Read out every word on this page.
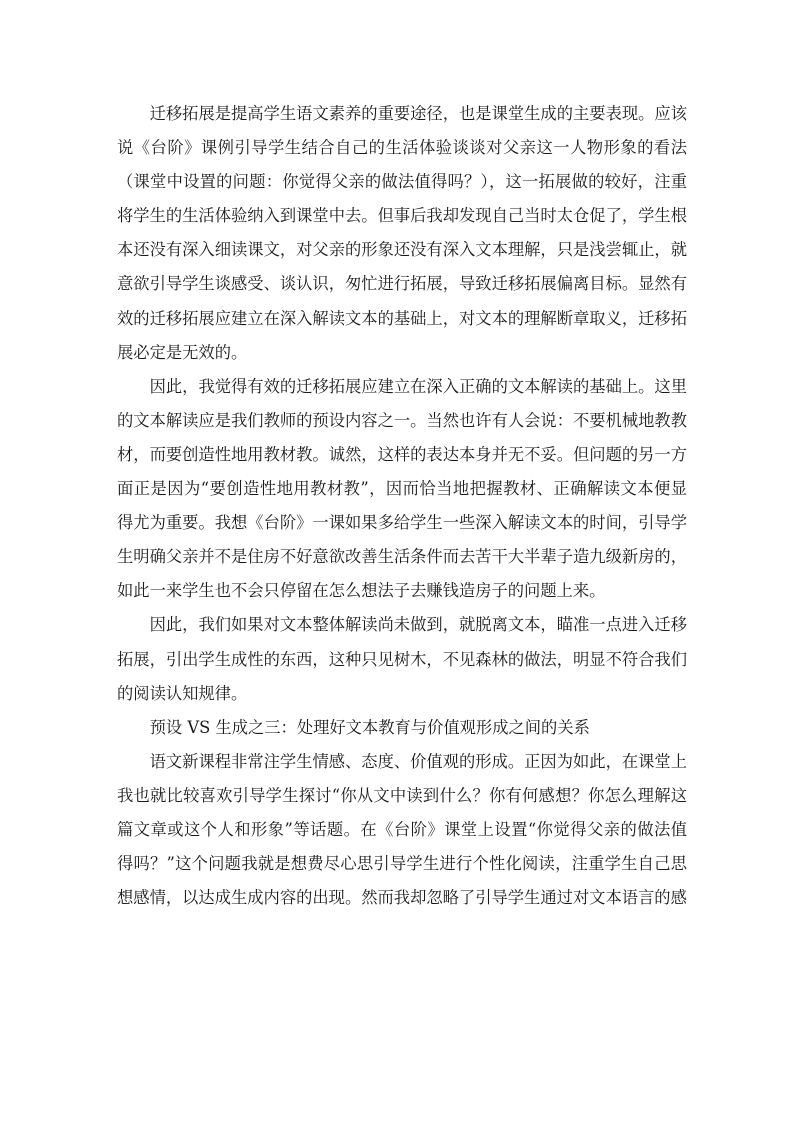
迁移拓展是提高学生语文素养的重要途径，也是课堂生成的主要表现。应该说《台阶》课例引导学生结合自己的生活体验谈谈对父亲这一人物形象的看法（课堂中设置的问题：你觉得父亲的做法值得吗？），这一拓展做的较好，注重将学生的生活体验纳入到课堂中去。但事后我却发现自己当时太仓促了，学生根本还没有深入细读课文，对父亲的形象还没有深入文本理解，只是浅尝辄止，就意欲引导学生谈感受、谈认识，匆忙进行拓展，导致迁移拓展偏离目标。显然有效的迁移拓展应建立在深入解读文本的基础上，对文本的理解断章取义，迁移拓展必定是无效的。

因此，我觉得有效的迁移拓展应建立在深入正确的文本解读的基础上。这里的文本解读应是我们教师的预设内容之一。当然也许有人会说：不要机械地教教材，而要创造性地用教材教。诚然，这样的表达本身并无不妥。但问题的另一方面正是因为“要创造性地用教材教”，因而恰当地把握教材、正确解读文本便显得尤为重要。我想《台阶》一课如果多给学生一些深入解读文本的时间，引导学生明确父亲并不是住房不好意欲改善生活条件而去苦干大半辈子造九级新房的，如此一来学生也不会只停留在怎么想法子去赚钱造房子的问题上来。

因此，我们如果对文本整体解读尚未做到，就脱离文本，瞄准一点进入迁移拓展，引出学生成性的东西，这种只见树木，不见森林的做法，明显不符合我们的阅读认知规律。

预设 VS 生成之三：处理好文本教育与价值观形成之间的关系

语文新课程非常注学生情感、态度、价值观的形成。正因为如此，在课堂上我也就比较喜欢引导学生探讨“你从文中读到什么？你有何感想？你怎么理解这篇文章或这个人和形象”等话题。在《台阶》课堂上设置“你觉得父亲的做法值得吗？”这个问题我就是想费尽心思引导学生进行个性化阅读，注重学生自己思想感情，以达成生成内容的出现。然而我却忽略了引导学生通过对文本语言的感
